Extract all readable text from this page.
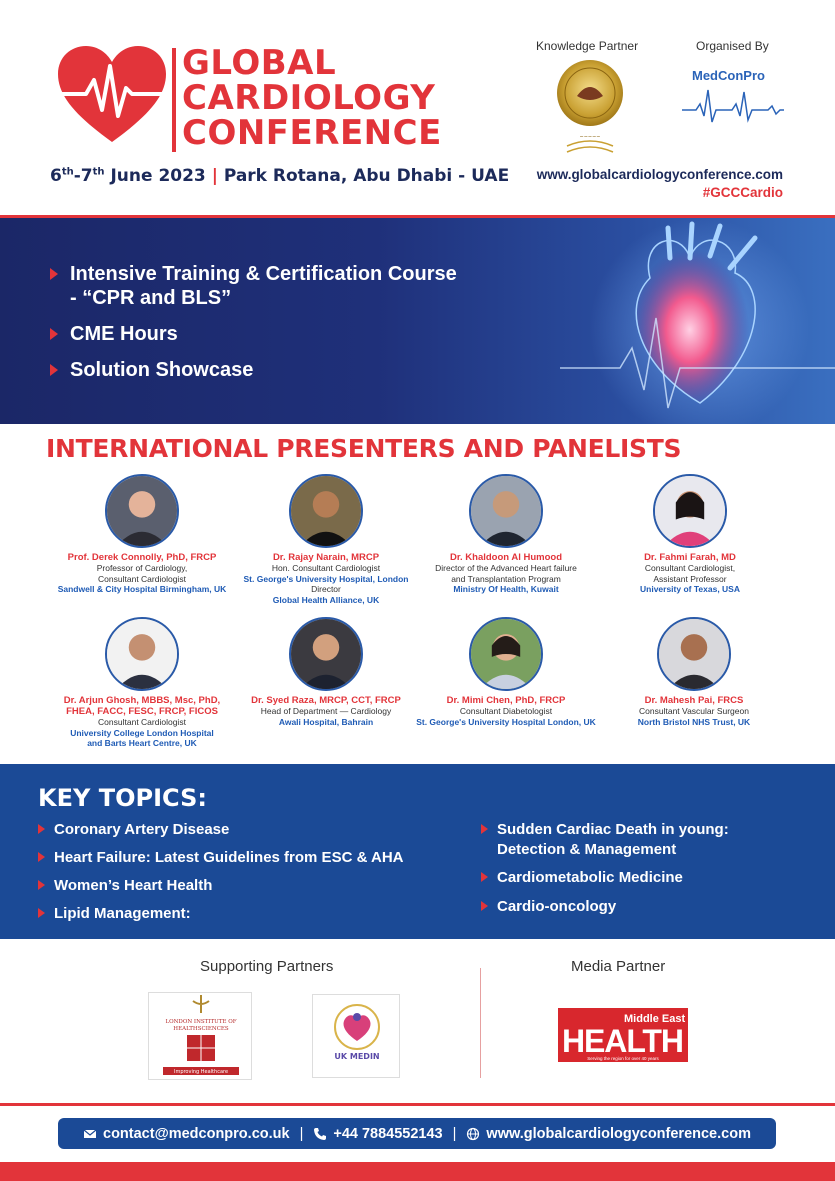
GLOBAL
CARDIOLOGY
CONFERENCE
6th-7th June 2023 | Park Rotana, Abu Dhabi - UAE
Knowledge Partner	Organised By
~~~~~
MedConPro
www.globalcardiologyconference.com
#GCCCardio
Intensive Training & Certification Course
- “CPR and BLS”
CME Hours
Solution Showcase
INTERNATIONAL PRESENTERS AND PANELISTS
Prof. Derek Connolly, PhD, FRCP
Professor of Cardiology,
Consultant Cardiologist
Sandwell & City Hospital Birmingham, UK
Dr. Rajay Narain, MRCP
Hon. Consultant Cardiologist
St. George's University Hospital, London
Director
Global Health Alliance, UK
Dr. Khaldoon Al Humood
Director of the Advanced Heart failure
and Transplantation Program
Ministry Of Health, Kuwait
Dr. Fahmi Farah, MD
Consultant Cardiologist,
Assistant Professor
University of Texas, USA
Dr. Arjun Ghosh, MBBS, Msc, PhD,
FHEA, FACC, FESC, FRCP, FICOS
Consultant Cardiologist
University College London Hospital
and Barts Heart Centre, UK
Dr. Syed Raza, MRCP, CCT, FRCP
Head of Department — Cardiology
Awali Hospital, Bahrain
Dr. Mimi Chen, PhD, FRCP
Consultant Diabetologist
St. George's University Hospital London, UK
Dr. Mahesh Pai, FRCS
Consultant Vascular Surgeon
North Bristol NHS Trust, UK
KEY TOPICS:
Coronary Artery Disease
Heart Failure: Latest Guidelines from ESC & AHA
Women’s Heart Health
Lipid Management:
Sudden Cardiac Death in young:
Detection & Management
Cardiometabolic Medicine
Cardio-oncology
Supporting Partners	Media Partner
LONDON INSTITUTE OF
HEALTHSCIENCES
Improving Healthcare
UK MEDIN
Middle East
HEALTH
Serving the region for over 40 years
contact@medconpro.co.uk | +44 7884552143 | www.globalcardiologyconference.com
